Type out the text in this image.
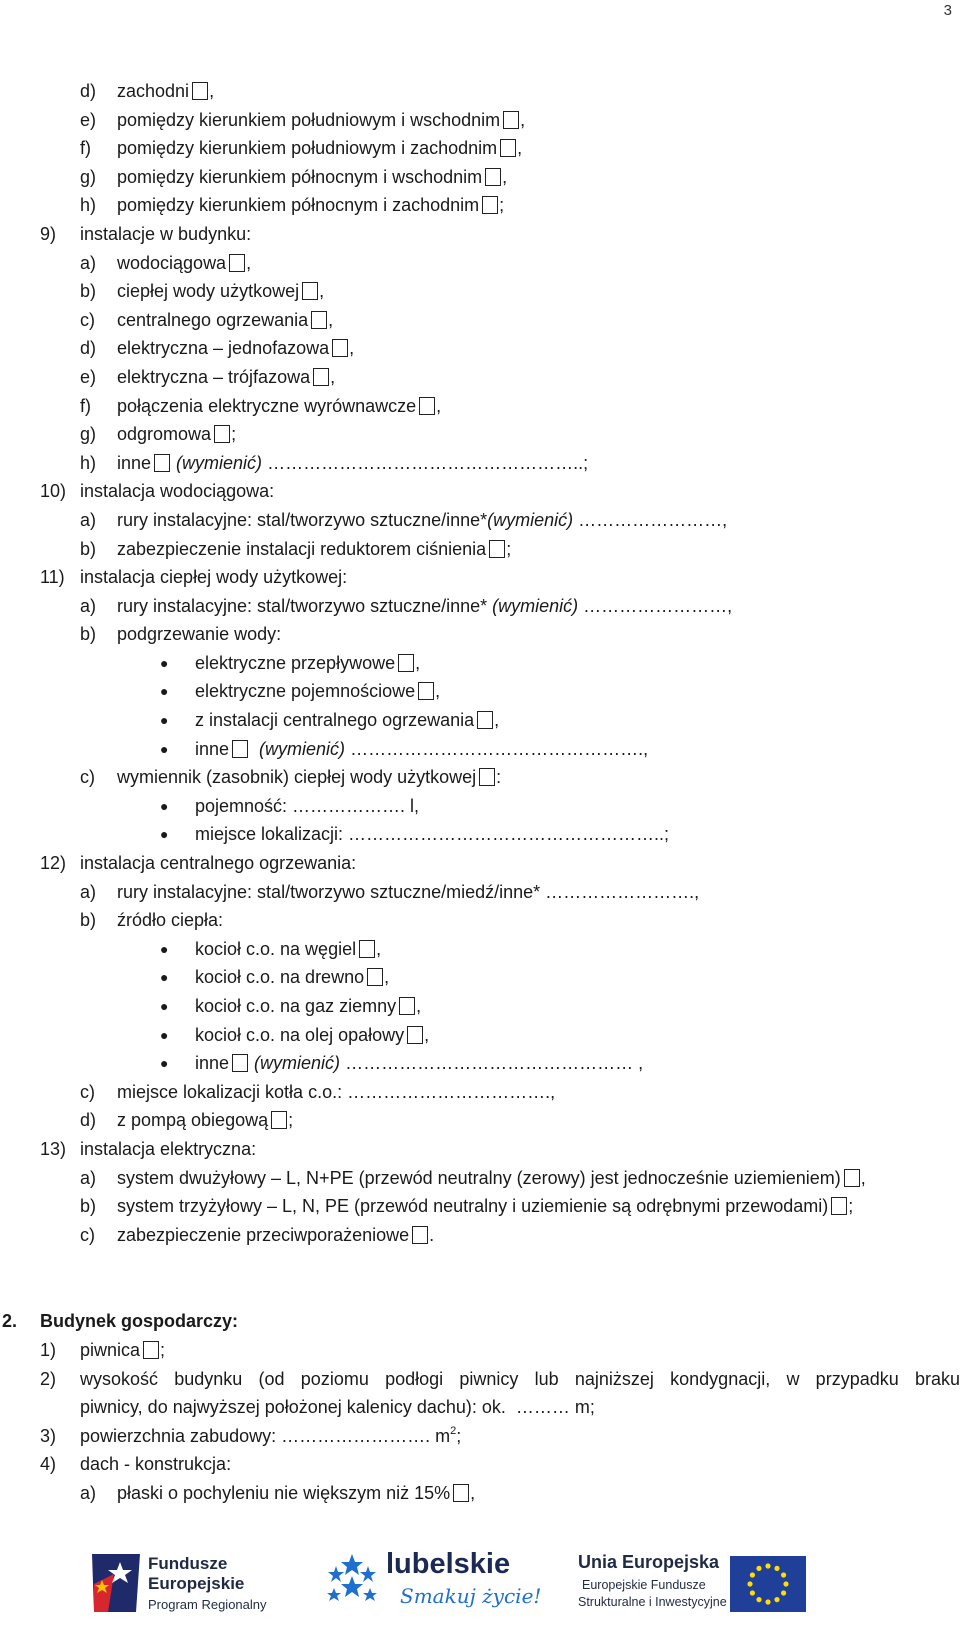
3
d) zachodni ,
e) pomiędzy kierunkiem południowym i wschodnim ,
f) pomiędzy kierunkiem południowym i zachodnim ,
g) pomiędzy kierunkiem północnym i wschodnim ,
h) pomiędzy kierunkiem północnym i zachodnim ;
9) instalacje w budynku:
a) wodociągowa ,
b) ciepłej wody użytkowej ,
c) centralnego ogrzewania ,
d) elektryczna – jednofazowa ,
e) elektryczna – trójfazowa ,
f) połączenia elektryczne wyrównawcze ,
g) odgromowa ;
h) inne (wymienić) ……………………………………………..;
10) instalacja wodociągowa:
a) rury instalacyjne: stal/tworzywo sztuczne/inne*(wymienić) ……………………,
b) zabezpieczenie instalacji reduktorem ciśnienia ;
11) instalacja ciepłej wody użytkowej:
a) rury instalacyjne: stal/tworzywo sztuczne/inne* (wymienić) ……………………,
b) podgrzewanie wody:
● elektryczne przepływowe ,
● elektryczne pojemnościowe ,
● z instalacji centralnego ogrzewania ,
● inne (wymienić) ………………………………………….,
c) wymiennik (zasobnik) ciepłej wody użytkowej :
● pojemność: ………………. l,
● miejsce lokalizacji: ……………………………………………..;
12) instalacja centralnego ogrzewania:
a) rury instalacyjne: stal/tworzywo sztuczne/miedź/inne* …………………….,
b) źródło ciepła:
● kocioł c.o. na węgiel ,
● kocioł c.o. na drewno ,
● kocioł c.o. na gaz ziemny ,
● kocioł c.o. na olej opałowy ,
● inne (wymienić) ………………………………………… ,
c) miejsce lokalizacji kotła c.o.: …………………………….,
d) z pompą obiegową ;
13) instalacja elektryczna:
a) system dwużyłowy – L, N+PE (przewód neutralny (zerowy) jest jednocześnie uziemieniem) ,
b) system trzyżyłowy – L, N, PE (przewód neutralny i uziemienie są odrębnymi przewodami) ;
c) zabezpieczenie przeciwporażeniowe .
2. Budynek gospodarczy:
1) piwnica ;
2) wysokość budynku (od poziomu podłogi piwnicy lub najniższej kondygnacji, w przypadku braku
piwnicy, do najwyższej położonej kalenicy dachu): ok.  ……… m;
3) powierzchnia zabudowy: ……………………. $m^2$;
4) dach - konstrukcja:
a) płaski o pochyleniu nie większym niż 15% ,
Fundusze
Europejskie
Program Regionalny
lubelskie
Smakuj życie!
Unia Europejska
Europejskie Fundusze
Strukturalne i Inwestycyjne
